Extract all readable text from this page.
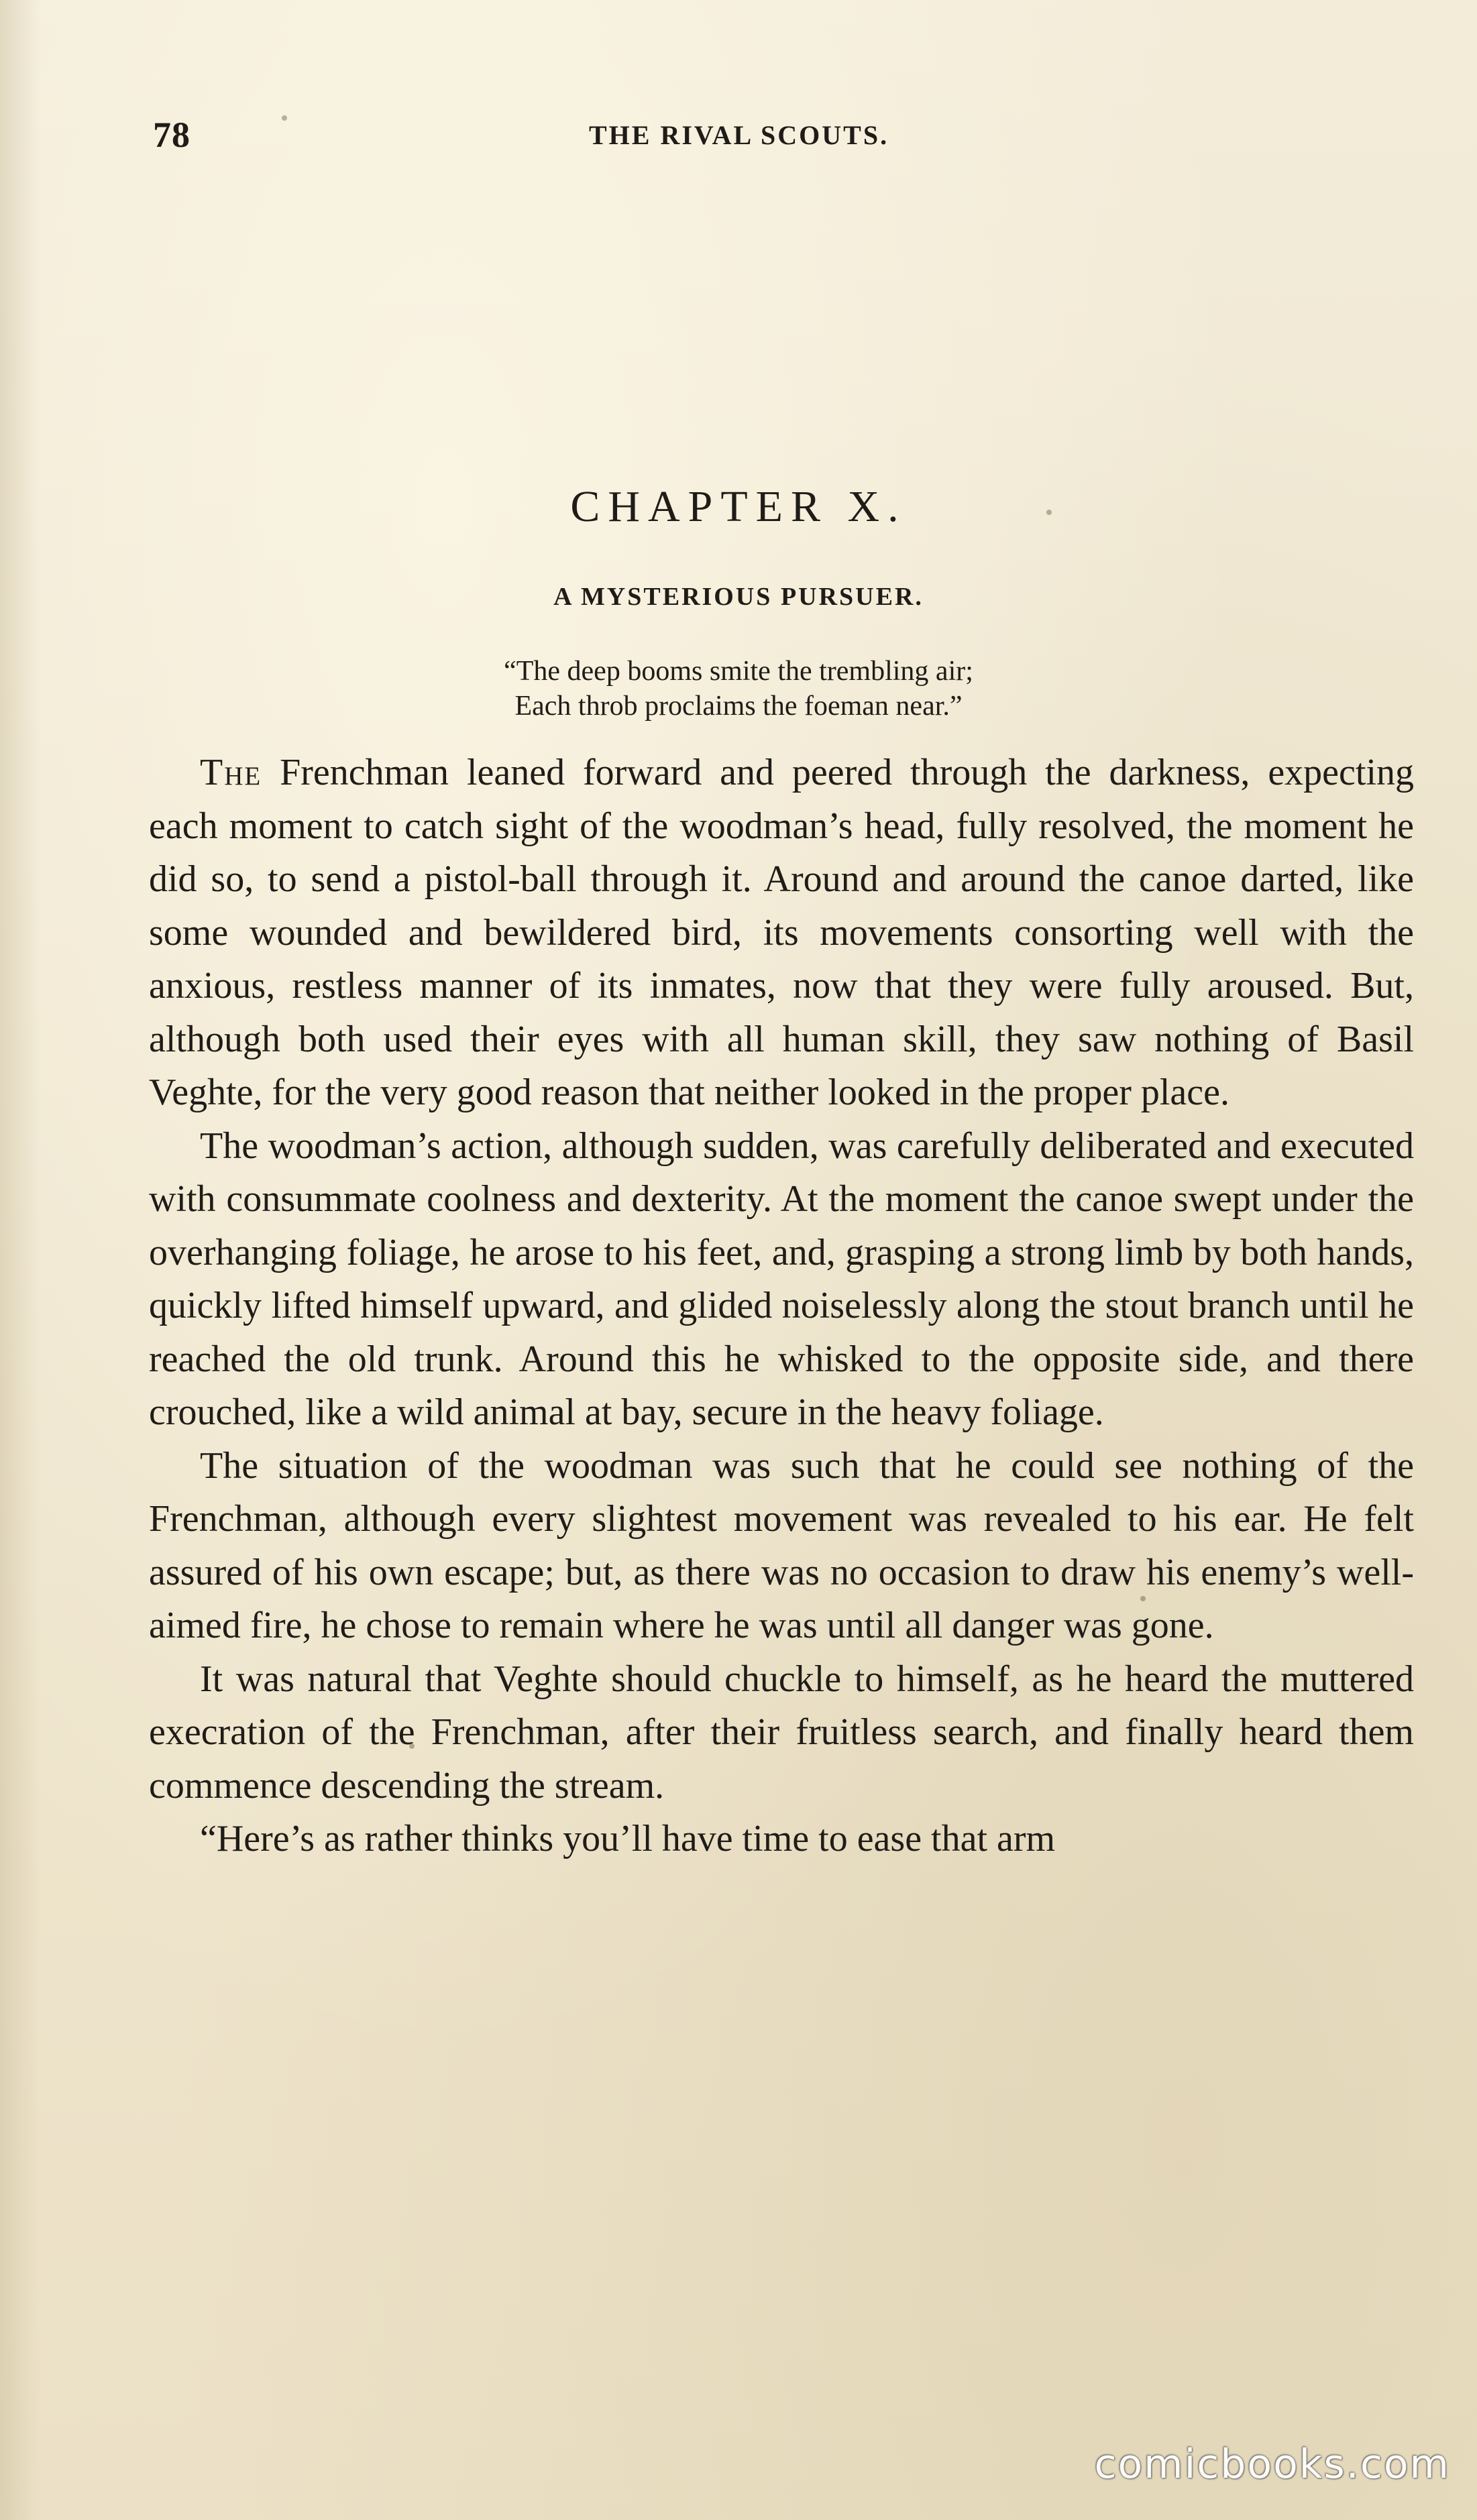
78	THE RIVAL SCOUTS.
CHAPTER X.
A MYSTERIOUS PURSUER.
“The deep booms smite the trembling air;
Each throb proclaims the foeman near.”

The Frenchman leaned forward and peered through the darkness, expecting each moment to catch sight of the woodman’s head, fully resolved, the moment he did so, to send a pistol-ball through it. Around and around the canoe darted, like some wounded and bewildered bird, its movements consorting well with the anxious, restless manner of its inmates, now that they were fully aroused. But, although both used their eyes with all human skill, they saw nothing of Basil Veghte, for the very good reason that neither looked in the proper place.

The woodman’s action, although sudden, was carefully deliberated and executed with consummate coolness and dexterity. At the moment the canoe swept under the overhanging foliage, he arose to his feet, and, grasping a strong limb by both hands, quickly lifted himself upward, and glided noiselessly along the stout branch until he reached the old trunk. Around this he whisked to the opposite side, and there crouched, like a wild animal at bay, secure in the heavy foliage.

The situation of the woodman was such that he could see nothing of the Frenchman, although every slightest movement was revealed to his ear. He felt assured of his own escape; but, as there was no occasion to draw his enemy’s well-aimed fire, he chose to remain where he was until all danger was gone.

It was natural that Veghte should chuckle to himself, as he heard the muttered execration of the Frenchman, after their fruitless search, and finally heard them commence descending the stream.

“Here’s as rather thinks you’ll have time to ease that arm

comicbooks.com
